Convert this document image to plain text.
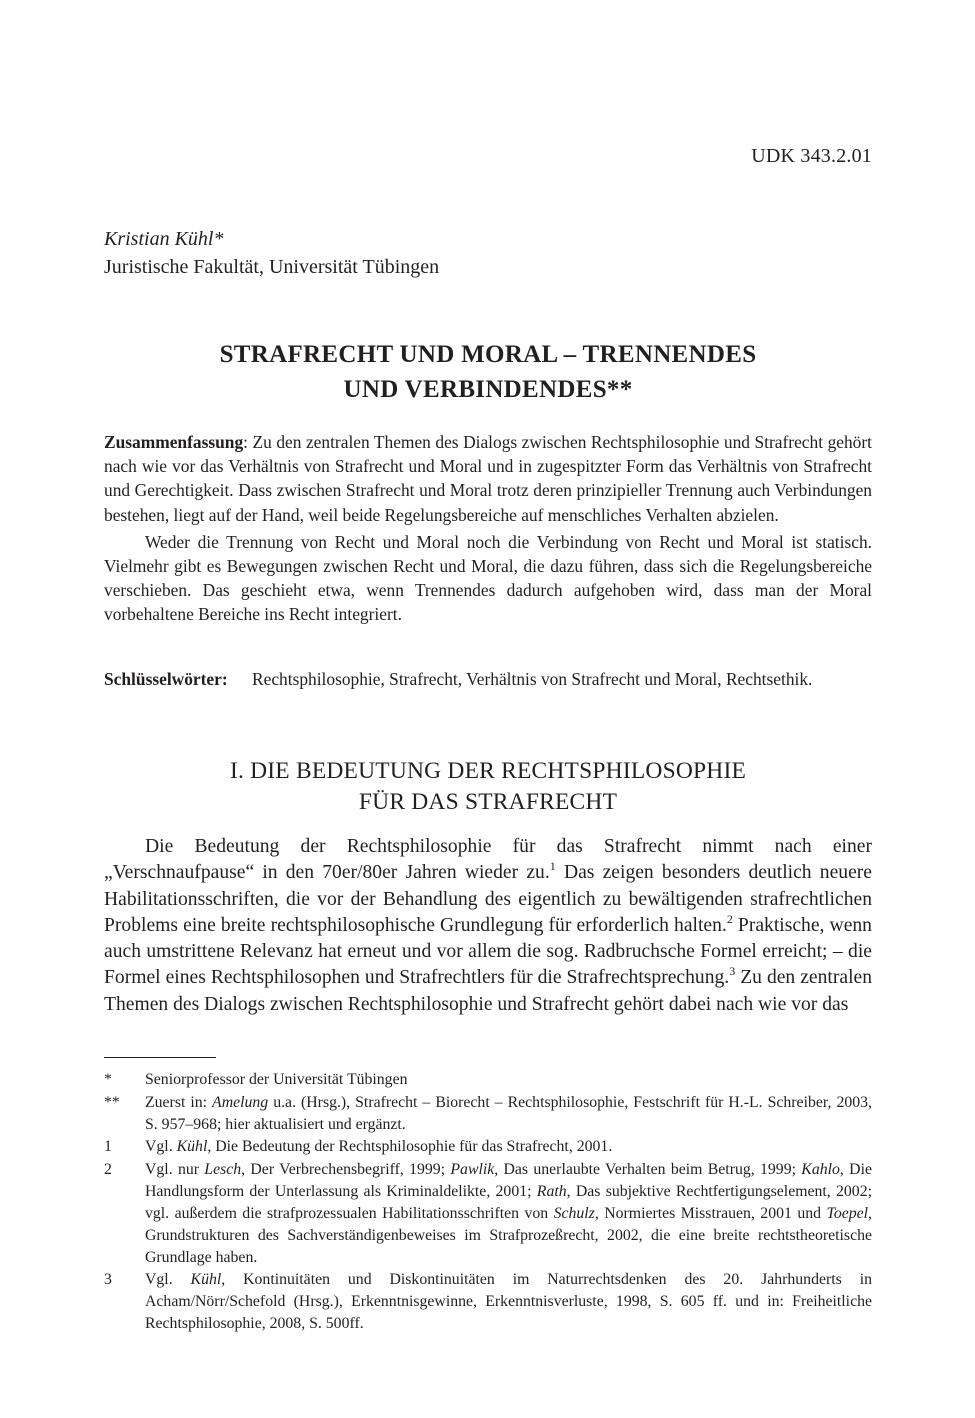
UDK 343.2.01
Kristian Kühl*
Juristische Fakultät, Universität Tübingen
STRAFRECHT UND MORAL – TRENNENDES
UND VERBINDENDES**

Zusammenfassung: Zu den zentralen Themen des Dialogs zwischen Rechtsphilosophie und Strafrecht gehört nach wie vor das Verhältnis von Strafrecht und Moral und in zugespitzter Form das Verhältnis von Strafrecht und Gerechtigkeit. Dass zwischen Strafrecht und Moral trotz deren prinzipieller Trennung auch Verbindungen bestehen, liegt auf der Hand, weil beide Regelungsbereiche auf menschliches Verhalten abzielen.

Weder die Trennung von Recht und Moral noch die Verbindung von Recht und Moral ist statisch. Vielmehr gibt es Bewegungen zwischen Recht und Moral, die dazu führen, dass sich die Regelungsbereiche verschieben. Das geschieht etwa, wenn Trennendes dadurch aufgehoben wird, dass man der Moral vorbehaltene Bereiche ins Recht integriert.

Schlüsselwörter:	Rechtsphilosophie, Strafrecht, Verhältnis von Strafrecht und Moral, Rechtsethik.
I. DIE BEDEUTUNG DER RECHTSPHILOSOPHIE
FÜR DAS STRAFRECHT

Die Bedeutung der Rechtsphilosophie für das Strafrecht nimmt nach einer „Verschnaufpause“ in den 70er/80er Jahren wieder zu.$^1$ Das zeigen besonders deutlich neuere Habilitationsschriften, die vor der Behandlung des eigentlich zu bewältigenden strafrechtlichen Problems eine breite rechtsphilosophische Grundlegung für erforderlich halten.$^2$ Praktische, wenn auch umstrittene Relevanz hat erneut und vor allem die sog. Radbruchsche Formel erreicht; – die Formel eines Rechtsphilosophen und Strafrechtlers für die Strafrechtsprechung.$^3$ Zu den zentralen Themen des Dialogs zwischen Rechtsphilosophie und Strafrecht gehört dabei nach wie vor das

*	Seniorprofessor der Universität Tübingen
**	Zuerst in: Amelung u.a. (Hrsg.), Strafrecht – Biorecht – Rechtsphilosophie, Festschrift für H.-L. Schreiber, 2003, S. 957–968; hier aktualisiert und ergänzt.
1	Vgl. Kühl, Die Bedeutung der Rechtsphilosophie für das Strafrecht, 2001.
2	Vgl. nur Lesch, Der Verbrechensbegriff, 1999; Pawlik, Das unerlaubte Verhalten beim Betrug, 1999; Kahlo, Die Handlungsform der Unterlassung als Kriminaldelikte, 2001; Rath, Das subjektive Rechtfertigungselement, 2002; vgl. außerdem die strafprozessualen Habilitationsschriften von Schulz, Normiertes Misstrauen, 2001 und Toepel, Grundstrukturen des Sachverständigenbeweises im Strafprozeßrecht, 2002, die eine breite rechtstheoretische Grundlage haben.
3	Vgl. Kühl, Kontinuitäten und Diskontinuitäten im Naturrechtsdenken des 20. Jahrhunderts in Acham/Nörr/Schefold (Hrsg.), Erkenntnisgewinne, Erkenntnisverluste, 1998, S. 605 ff. und in: Freiheitliche Rechtsphilosophie, 2008, S. 500ff.
